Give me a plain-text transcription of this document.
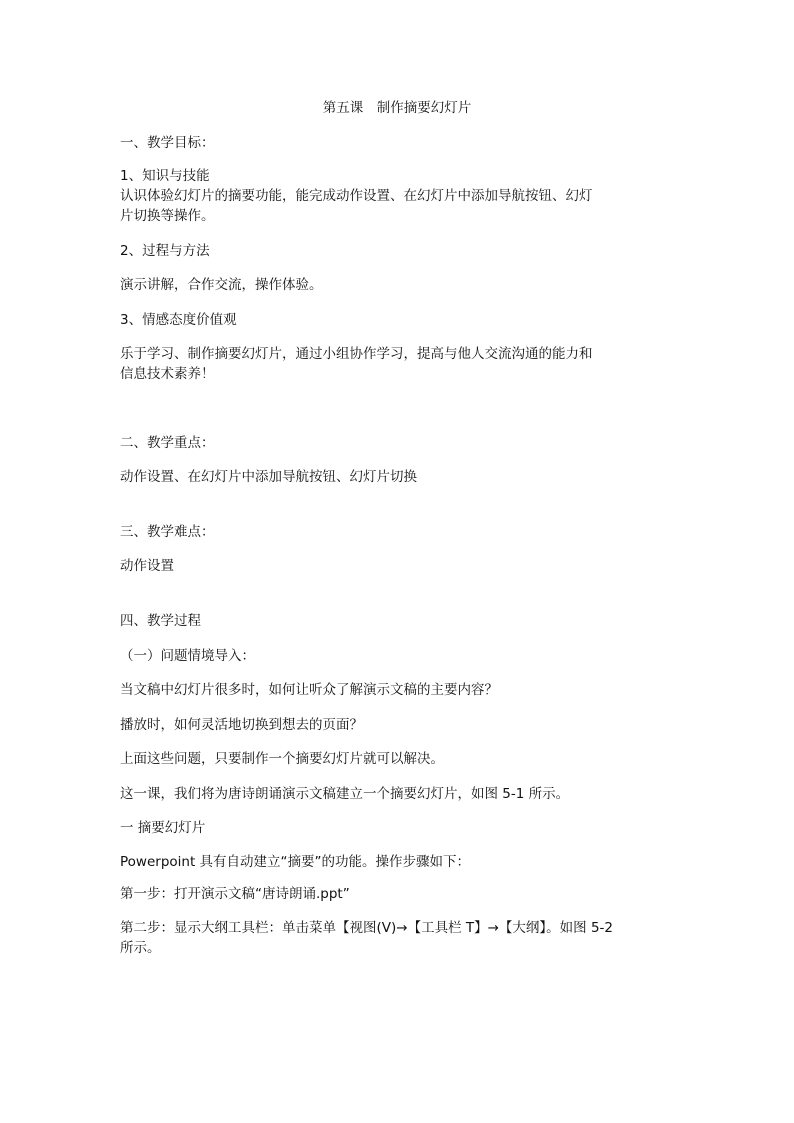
第五课　制作摘要幻灯片
一、教学目标：
1、知识与技能
认识体验幻灯片的摘要功能，能完成动作设置、在幻灯片中添加导航按钮、幻灯
片切换等操作。
2、过程与方法
演示讲解，合作交流，操作体验。
3、情感态度价值观
乐于学习、制作摘要幻灯片，通过小组协作学习，提高与他人交流沟通的能力和
信息技术素养！
二、教学重点：
动作设置、在幻灯片中添加导航按钮、幻灯片切换
三、教学难点：
动作设置
四、教学过程
（一）问题情境导入：
当文稿中幻灯片很多时，如何让听众了解演示文稿的主要内容？
播放时，如何灵活地切换到想去的页面？
上面这些问题，只要制作一个摘要幻灯片就可以解决。
这一课，我们将为唐诗朗诵演示文稿建立一个摘要幻灯片，如图 5-1 所示。
一 摘要幻灯片
Powerpoint 具有自动建立“摘要”的功能。操作步骤如下：
第一步：打开演示文稿“唐诗朗诵.ppt”
第二步：显示大纲工具栏：单击菜单【视图(V)→【工具栏 T】→【大纲】。如图 5-2
所示。
